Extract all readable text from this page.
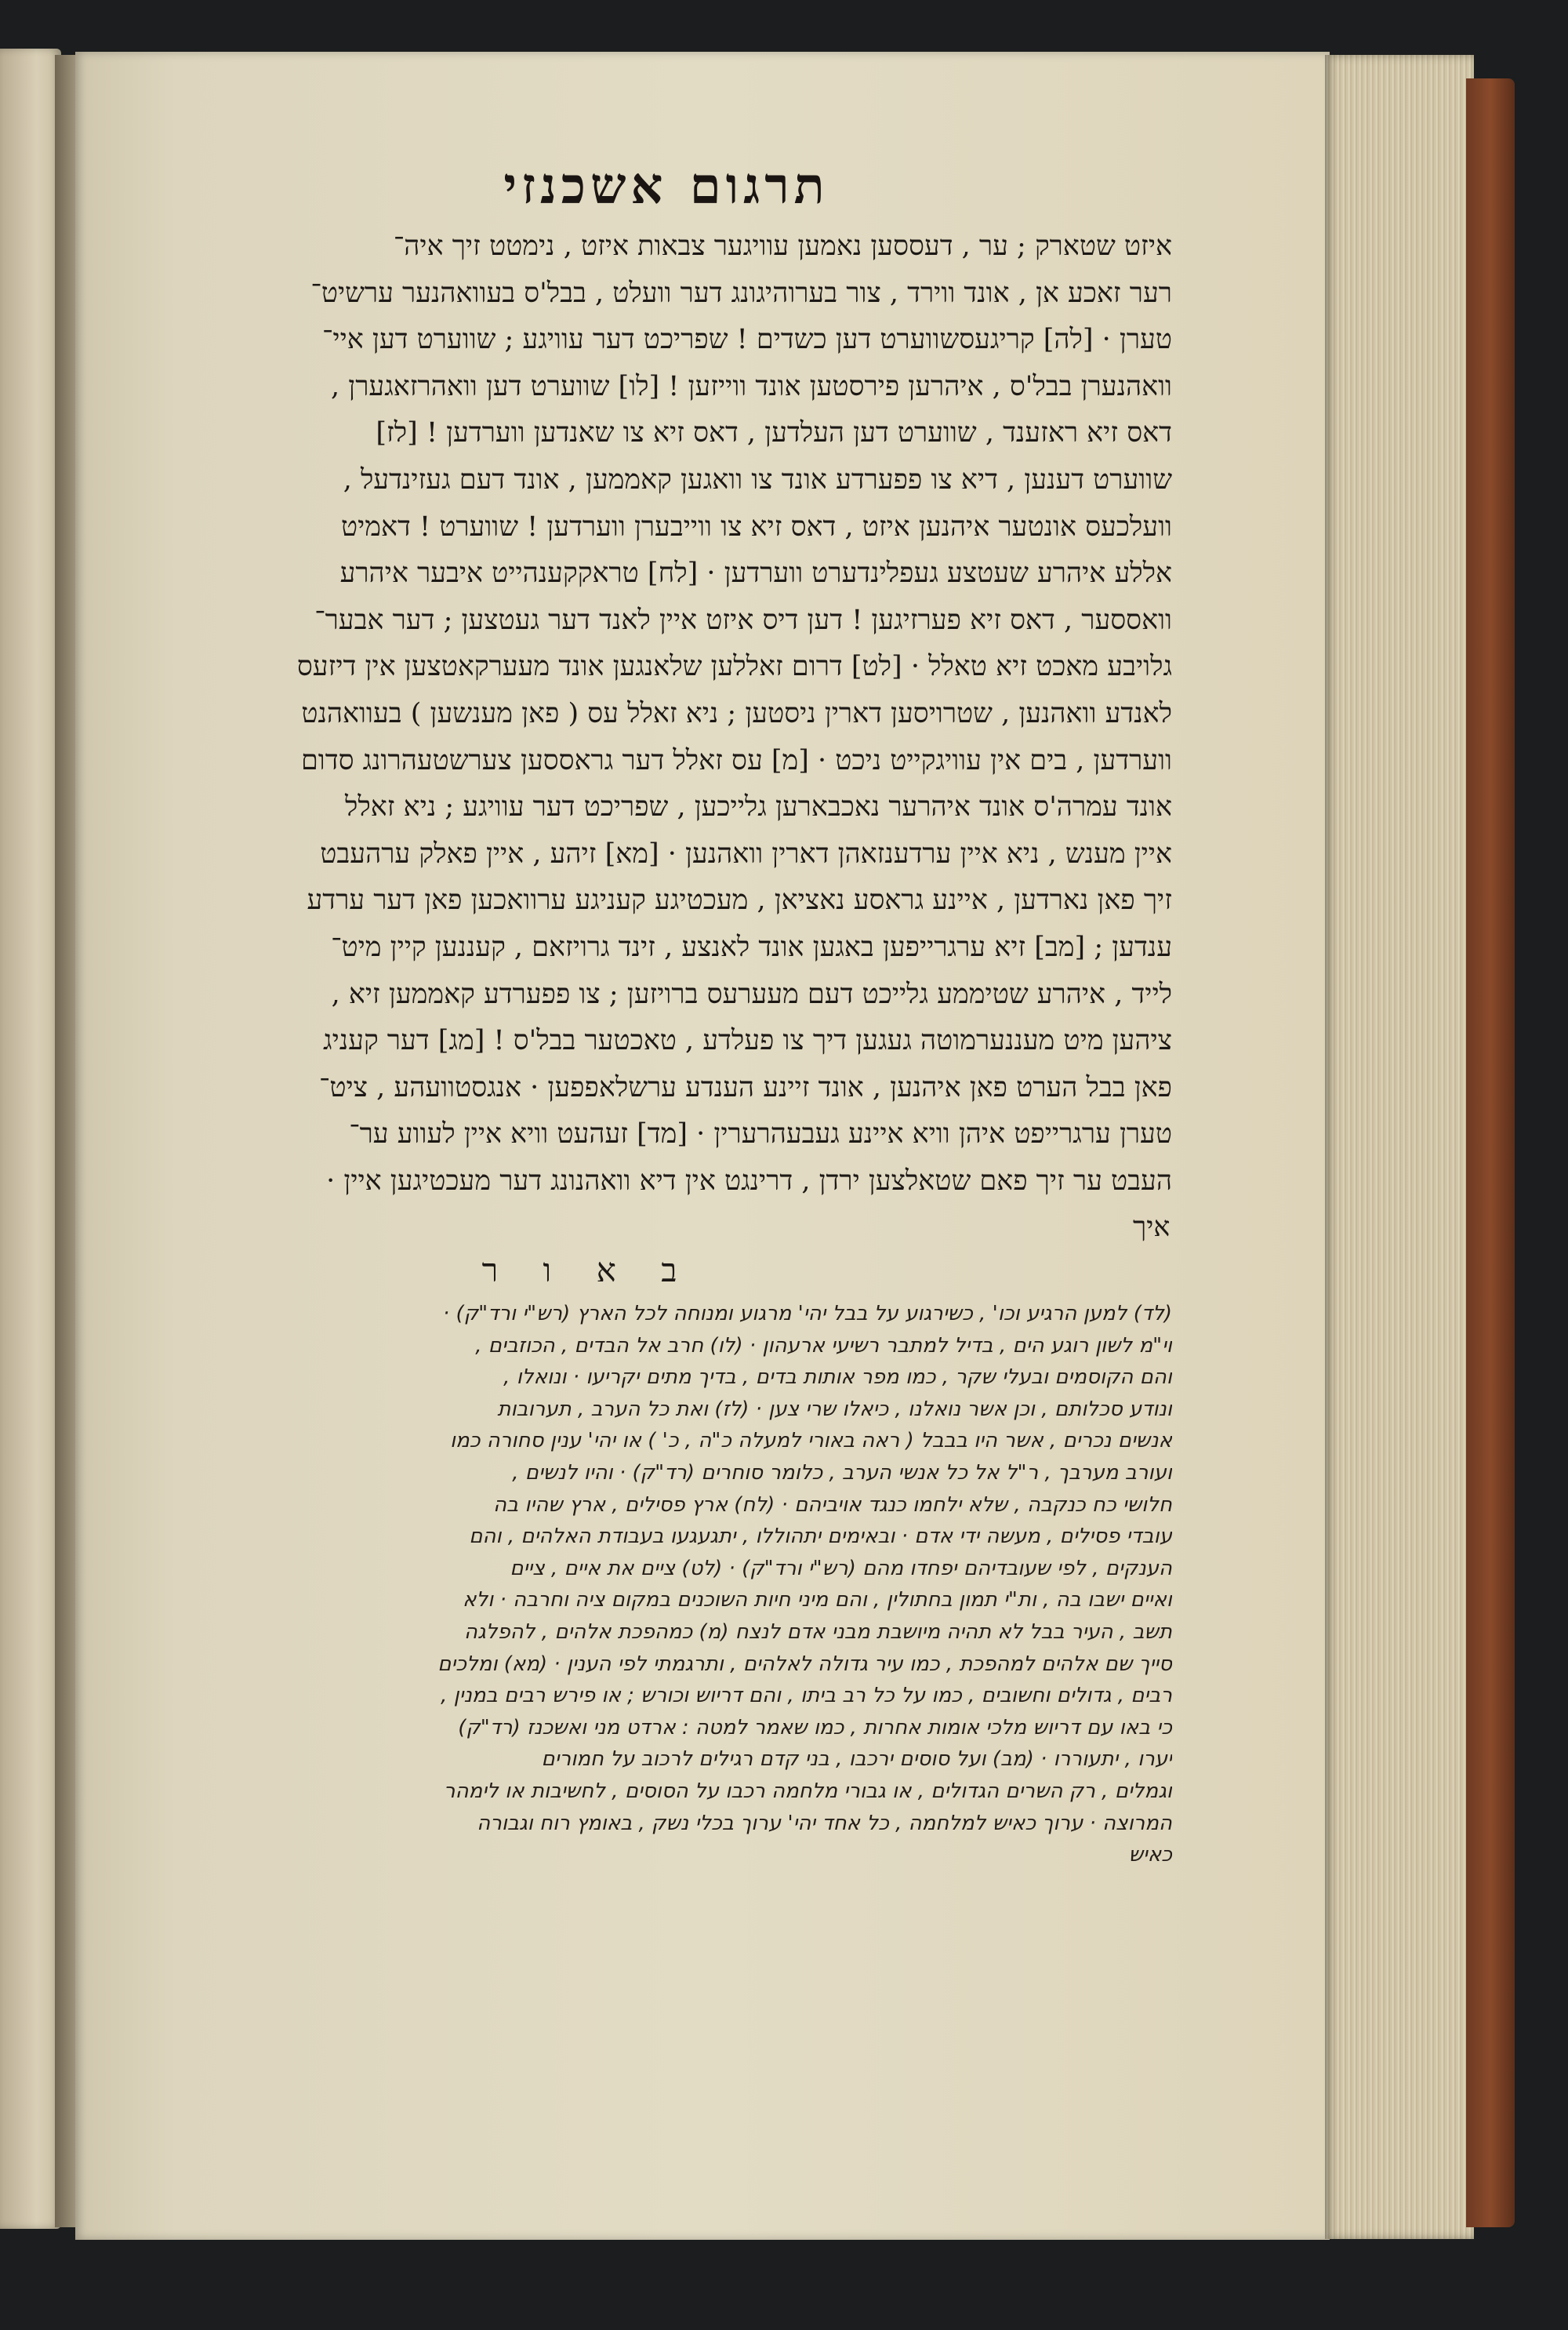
תרגום אשכנזי
איזט שטארק ; ער , דעססען נאמען עוויגער צבאות איזט , נימטט זיך איה־
רער זאכע אן , אונד ווירד , צור בערוהיגונג דער וועלט , בבל'ס בעוואהנער ערשיט־
טערן · [לה] קריגעסשווערט דען כשדים ! שפריכט דער עוויגע ; שווערט דען איי־
וואהנערן בבל'ס , איהרען פירסטען אונד ווייזען ! [לו] שווערט דען וואהרזאגערן ,
דאס זיא ראזענד , שווערט דען העלדען , דאס זיא צו שאנדען ווערדען ! [לז]
שווערט דענען , דיא צו פפערדע אונד צו וואגען קאממען , אונד דעם געזינדעל ,
וועלכעס אונטער איהנען איזט , דאס זיא צו ווייבערן ווערדען ! שווערט ! דאמיט
אללע איהרע שעטצע געפלינדערט ווערדען · [לח] טראקקענהייט איבער איהרע
וואססער , דאס זיא פערזיגען ! דען דיס איזט איין לאנד דער געטצען ; דער אבער־
גלויבע מאכט זיא טאלל · [לט] דרום זאללען שלאנגען אונד מעערקאטצען אין דיזעס
לאנדע וואהנען , שטרויסען דארין ניסטען ; ניא זאלל עס ( פאן מענשען ) בעוואהנט
ווערדען , בים אין עוויגקייט ניכט · [מ] עס זאלל דער גראססען צערשטעהרונג סדום
אונד עמרה'ס אונד איהרער נאכבארען גלייכען , שפריכט דער עוויגע ; ניא זאלל
איין מענש , ניא איין ערדענזאהן דארין וואהנען · [מא] זיהע , איין פאלק ערהעבט
זיך פאן נארדען , איינע גראסע נאציאן , מעכטיגע קעניגע ערוואכען פאן דער ערדע
ענדען ; [מב] זיא ערגרייפען באגען אונד לאנצע , זינד גרויזאם , קעננען קיין מיט־
לייד , איהרע שטיממע גלייכט דעם מעערעס ברויזען ; צו פפערדע קאממען זיא ,
ציהען מיט מעננערמוטה געגען דיך צו פעלדע , טאכטער בבל'ס ! [מג] דער קעניג
פאן בבל הערט פאן איהנען , אונד זיינע הענדע ערשלאפפען · אנגסטוועהע , ציט־
טערן ערגרייפט איהן וויא איינע געבעהרערין · [מד] זעהעט וויא איין לעווע ער־
העבט ער זיך פאם שטאלצען ירדן , דרינגט אין דיא וואהנונג דער מעכטיגען איין ·
איך
ב א ו ר
(לד) למען הרגיע וכו' , כשירגוע על בבל יהי' מרגוע ומנוחה לכל הארץ (רש"י ורד"ק) ·
וי"מ לשון רוגע הים , בדיל למתבר רשיעי ארעהון · (לו) חרב אל הבדים , הכוזבים ,
והם הקוסמים ובעלי שקר , כמו מפר אותות בדים , בדיך מתים יקריעו · ונואלו ,
ונודע סכלותם , וכן אשר נואלנו , כיאלו שרי צען · (לז) ואת כל הערב , תערובות
אנשים נכרים , אשר היו בבבל ( ראה באורי למעלה כ"ה , כ' ) או יהי' ענין סחורה כמו
ועורב מערבך , ר"ל אל כל אנשי הערב , כלומר סוחרים (רד"ק) · והיו לנשים ,
חלושי כח כנקבה , שלא ילחמו כנגד אויביהם · (לח) ארץ פסילים , ארץ שהיו בה
עובדי פסילים , מעשה ידי אדם · ובאימים יתהוללו , יתגעגעו בעבודת האלהים , והם
הענקים , לפי שעובדיהם יפחדו מהם (רש"י ורד"ק) · (לט) ציים את איים , ציים
ואיים ישבו בה , ות"י תמון בחתולין , והם מיני חיות השוכנים במקום ציה וחרבה · ולא
תשב , העיר בבל לא תהיה מיושבת מבני אדם לנצח (מ) כמהפכת אלהים , להפלגה
סייך שם אלהים למהפכת , כמו עיר גדולה לאלהים , ותרגמתי לפי הענין · (מא) ומלכים
רבים , גדולים וחשובים , כמו על כל רב ביתו , והם דריוש וכורש ; או פירש רבים במנין ,
כי באו עם דריוש מלכי אומות אחרות , כמו שאמר למטה : ארדט מני ואשכנז (רד"ק)
יערו , יתעוררו · (מב) ועל סוסים ירכבו , בני קדם רגילים לרכוב על חמורים
וגמלים , רק השרים הגדולים , או גבורי מלחמה רכבו על הסוסים , לחשיבות או לימהר
המרוצה · ערוך כאיש למלחמה , כל אחד יהי' ערוך בכלי נשק , באומץ רוח וגבורה
כאיש
